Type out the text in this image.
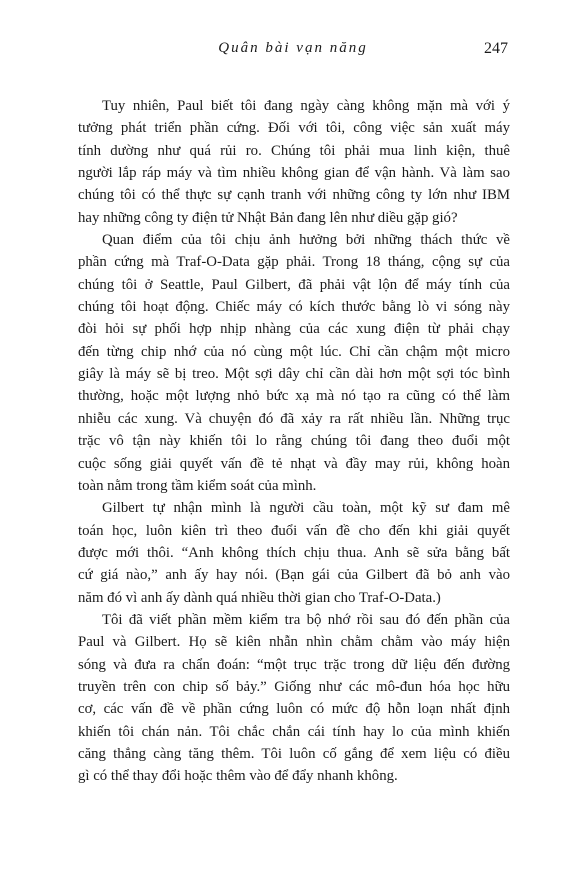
Quân bài vạn năng	247

Tuy nhiên, Paul biết tôi đang ngày càng không mặn mà với ý
tưởng phát triển phần cứng. Đối với tôi, công việc sản xuất máy
tính dường như quá rủi ro. Chúng tôi phải mua linh kiện, thuê
người lắp ráp máy và tìm nhiều không gian để vận hành. Và làm sao
chúng tôi có thể thực sự cạnh tranh với những công ty lớn như IBM
hay những công ty điện tử Nhật Bản đang lên như diều gặp gió?

Quan điểm của tôi chịu ảnh hưởng bởi những thách thức về
phần cứng mà Traf-O-Data gặp phải. Trong 18 tháng, cộng sự của
chúng tôi ở Seattle, Paul Gilbert, đã phải vật lộn để máy tính của
chúng tôi hoạt động. Chiếc máy có kích thước bằng lò vi sóng này
đòi hỏi sự phối hợp nhịp nhàng của các xung điện từ phải chạy
đến từng chip nhớ của nó cùng một lúc. Chỉ cần chậm một micro
giây là máy sẽ bị treo. Một sợi dây chỉ cần dài hơn một sợi tóc bình
thường, hoặc một lượng nhỏ bức xạ mà nó tạo ra cũng có thể làm
nhiễu các xung. Và chuyện đó đã xảy ra rất nhiều lần. Những trục
trặc vô tận này khiến tôi lo rằng chúng tôi đang theo đuổi một
cuộc sống giải quyết vấn đề tẻ nhạt và đầy may rủi, không hoàn
toàn nằm trong tầm kiểm soát của mình.

Gilbert tự nhận mình là người cầu toàn, một kỹ sư đam mê
toán học, luôn kiên trì theo đuổi vấn đề cho đến khi giải quyết
được mới thôi. “Anh không thích chịu thua. Anh sẽ sửa bằng bất
cứ giá nào,” anh ấy hay nói. (Bạn gái của Gilbert đã bỏ anh vào
năm đó vì anh ấy dành quá nhiều thời gian cho Traf-O-Data.)

Tôi đã viết phần mềm kiểm tra bộ nhớ rồi sau đó đến phần của
Paul và Gilbert. Họ sẽ kiên nhẫn nhìn chằm chằm vào máy hiện
sóng và đưa ra chẩn đoán: “một trục trặc trong dữ liệu đến đường
truyền trên con chip số bảy.” Giống như các mô-đun hóa học hữu
cơ, các vấn đề về phần cứng luôn có mức độ hỗn loạn nhất định
khiến tôi chán nản. Tôi chắc chắn cái tính hay lo của mình khiến
căng thẳng càng tăng thêm. Tôi luôn cố gắng để xem liệu có điều
gì có thể thay đổi hoặc thêm vào để đẩy nhanh không.
